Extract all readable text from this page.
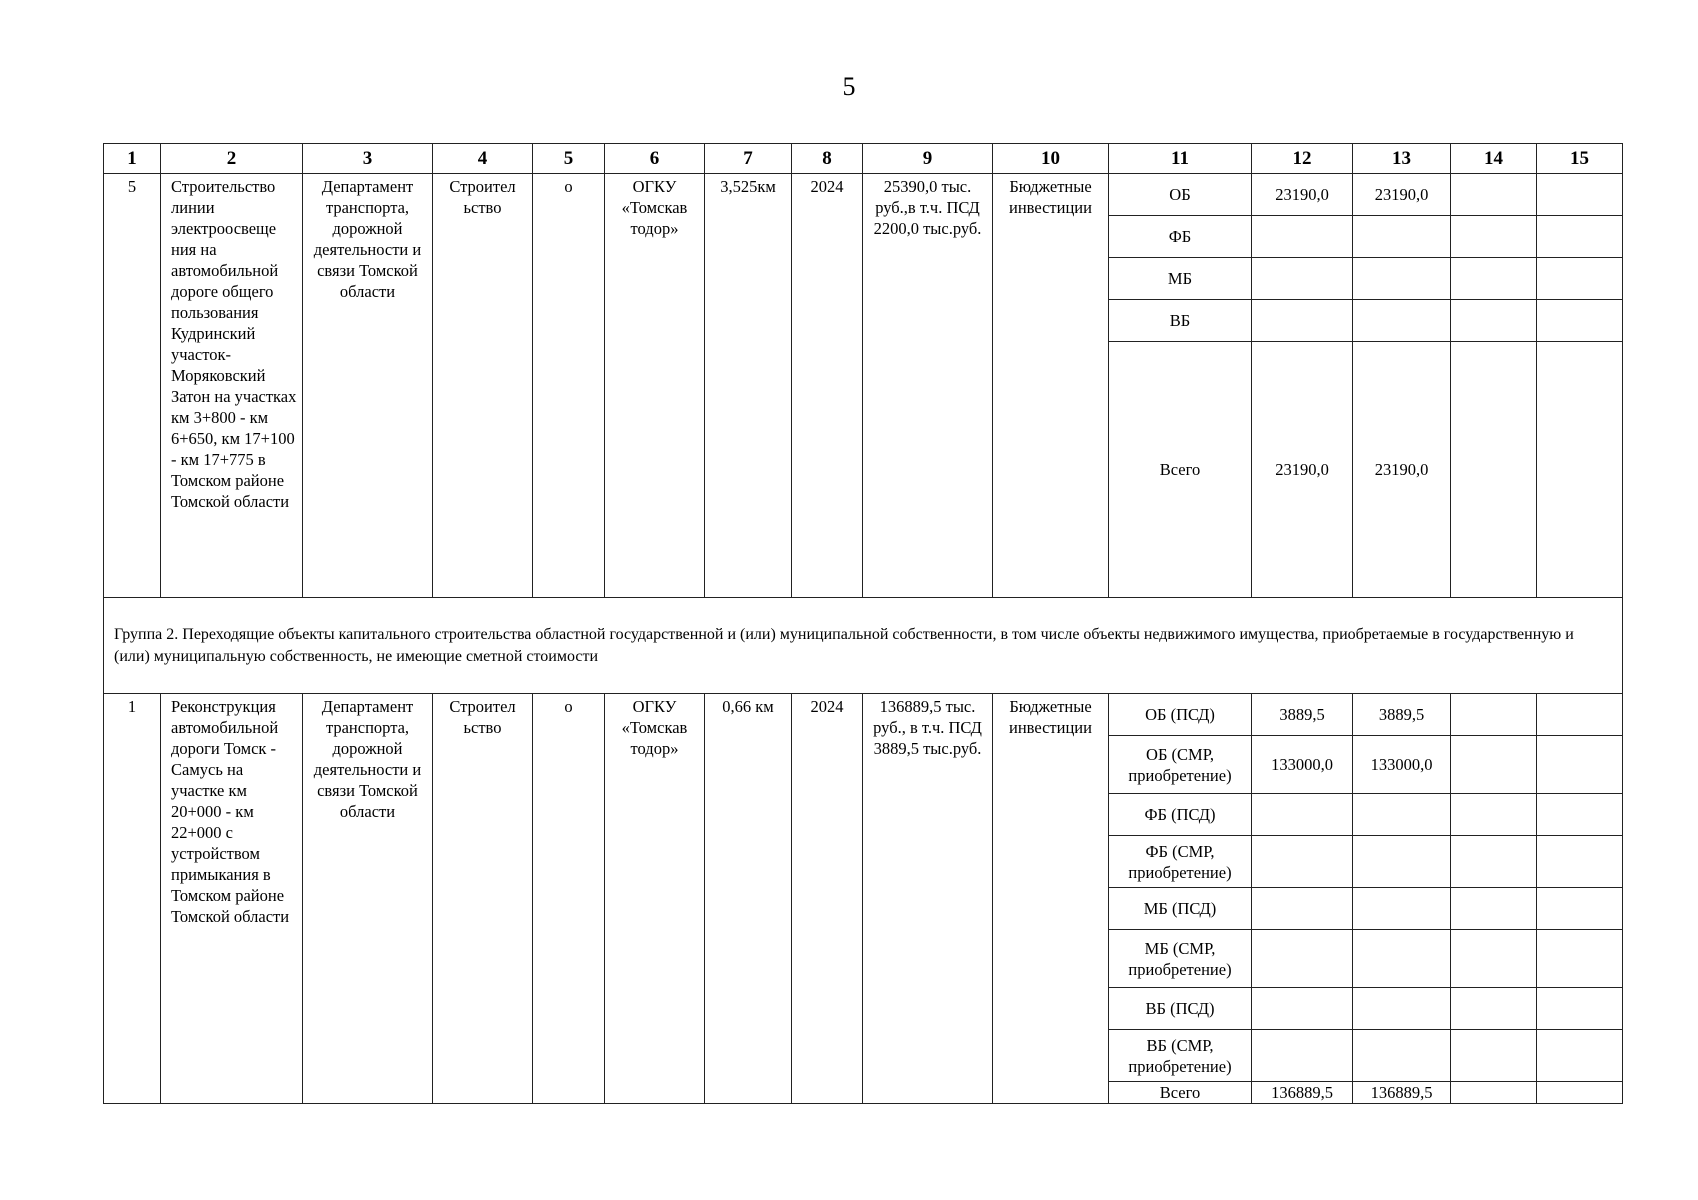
5
1	2	3	4	5	6	7	8	9	10	11	12	13	14	15
5	Строительство линии электроосвеще ния на автомобильной дороге общего пользования Кудринский участок-Моряковский Затон на участках км 3+800 - км 6+650, км 17+100 - км 17+775 в Томском районе Томской области	Департамент транспорта, дорожной деятельности и связи Томской области	Строител ьство	о	ОГКУ «Томскав тодор»	3,525км	2024	25390,0 тыс. руб.,в т.ч. ПСД 2200,0 тыс.руб.	Бюджетные инвестиции	ОБ	23190,0	23190,0		
										ФБ				
										МБ				
										ВБ				
										Всего	23190,0	23190,0		
Группа 2. Переходящие объекты капитального строительства областной государственной и (или) муниципальной собственности, в том числе объекты недвижимого имущества, приобретаемые в государственную и (или) муниципальную собственность, не имеющие сметной стоимости														
1	Реконструкция автомобильной дороги Томск - Самусь на участке км 20+000 - км 22+000 с устройством примыкания в Томском районе Томской области	Департамент транспорта, дорожной деятельности и связи Томской области	Строител ьство	о	ОГКУ «Томскав тодор»	0,66 км	2024	136889,5 тыс. руб., в т.ч. ПСД 3889,5 тыс.руб.	Бюджетные инвестиции	ОБ (ПСД)	3889,5	3889,5		
										ОБ (СМР, приобретение)	133000,0	133000,0		
										ФБ (ПСД)				
										ФБ (СМР, приобретение)				
										МБ (ПСД)				
										МБ (СМР, приобретение)				
										ВБ (ПСД)				
										ВБ (СМР, приобретение)				
										Всего	136889,5	136889,5		
